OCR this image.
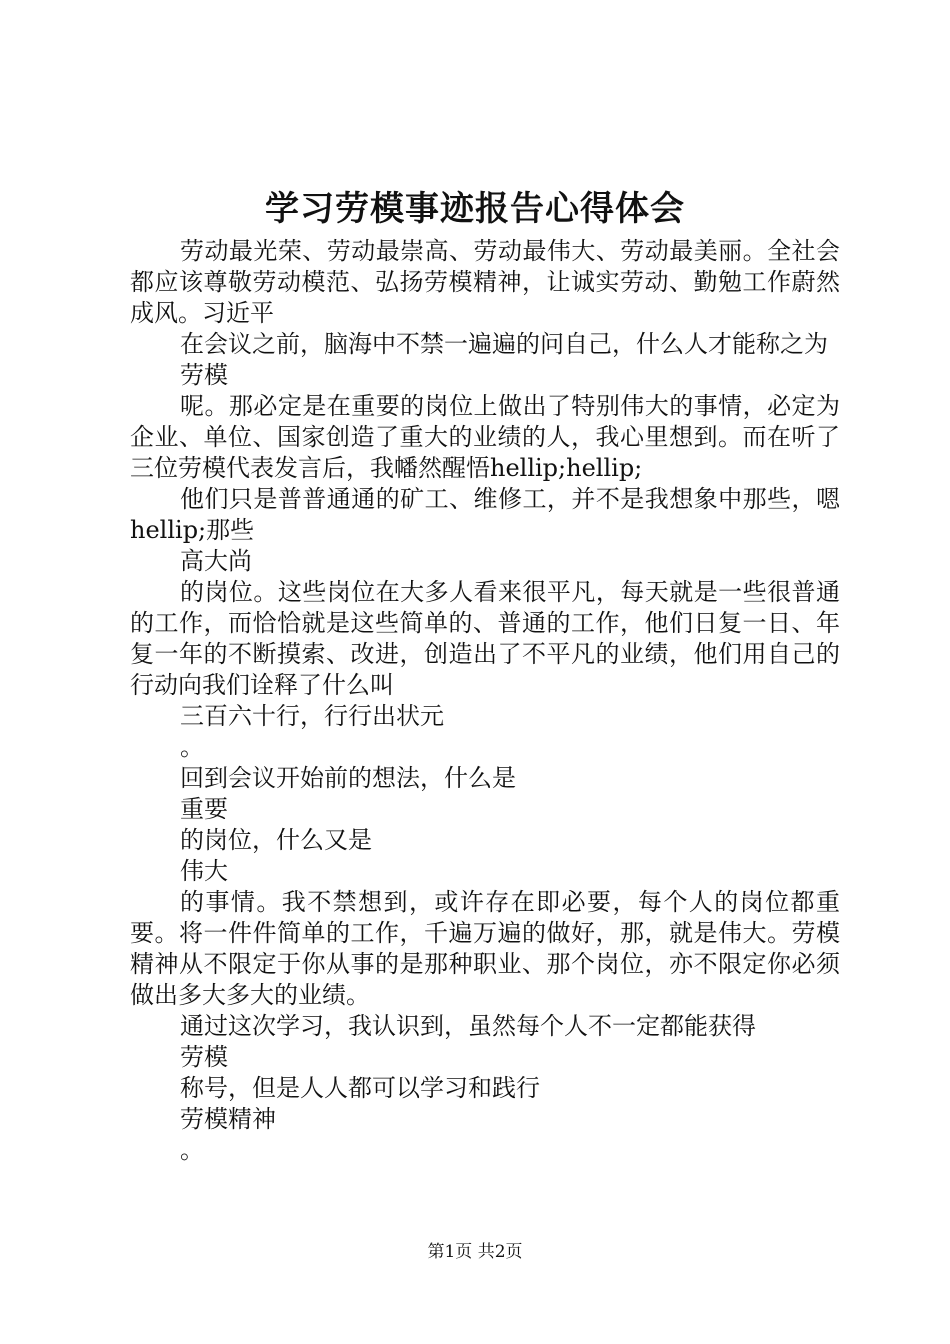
学习劳模事迹报告心得体会

劳动最光荣、劳动最崇高、劳动最伟大、劳动最美丽。全社会都应该尊敬劳动模范、弘扬劳模精神，让诚实劳动、勤勉工作蔚然成风。习近平

在会议之前，脑海中不禁一遍遍的问自己，什么人才能称之为

劳模

呢。那必定是在重要的岗位上做出了特别伟大的事情，必定为企业、单位、国家创造了重大的业绩的人，我心里想到。而在听了三位劳模代表发言后，我幡然醒悟hellip;hellip;

他们只是普普通通的矿工、维修工，并不是我想象中那些，嗯hellip;那些

高大尚

的岗位。这些岗位在大多人看来很平凡，每天就是一些很普通的工作，而恰恰就是这些简单的、普通的工作，他们日复一日、年复一年的不断摸索、改进，创造出了不平凡的业绩，他们用自己的行动向我们诠释了什么叫

三百六十行，行行出状元

。

回到会议开始前的想法，什么是

重要

的岗位，什么又是

伟大

的事情。我不禁想到，或许存在即必要，每个人的岗位都重要。将一件件简单的工作，千遍万遍的做好，那，就是伟大。劳模精神从不限定于你从事的是那种职业、那个岗位，亦不限定你必须做出多大多大的业绩。

通过这次学习，我认识到，虽然每个人不一定都能获得

劳模

称号，但是人人都可以学习和践行

劳模精神

。

第1页 共2页
